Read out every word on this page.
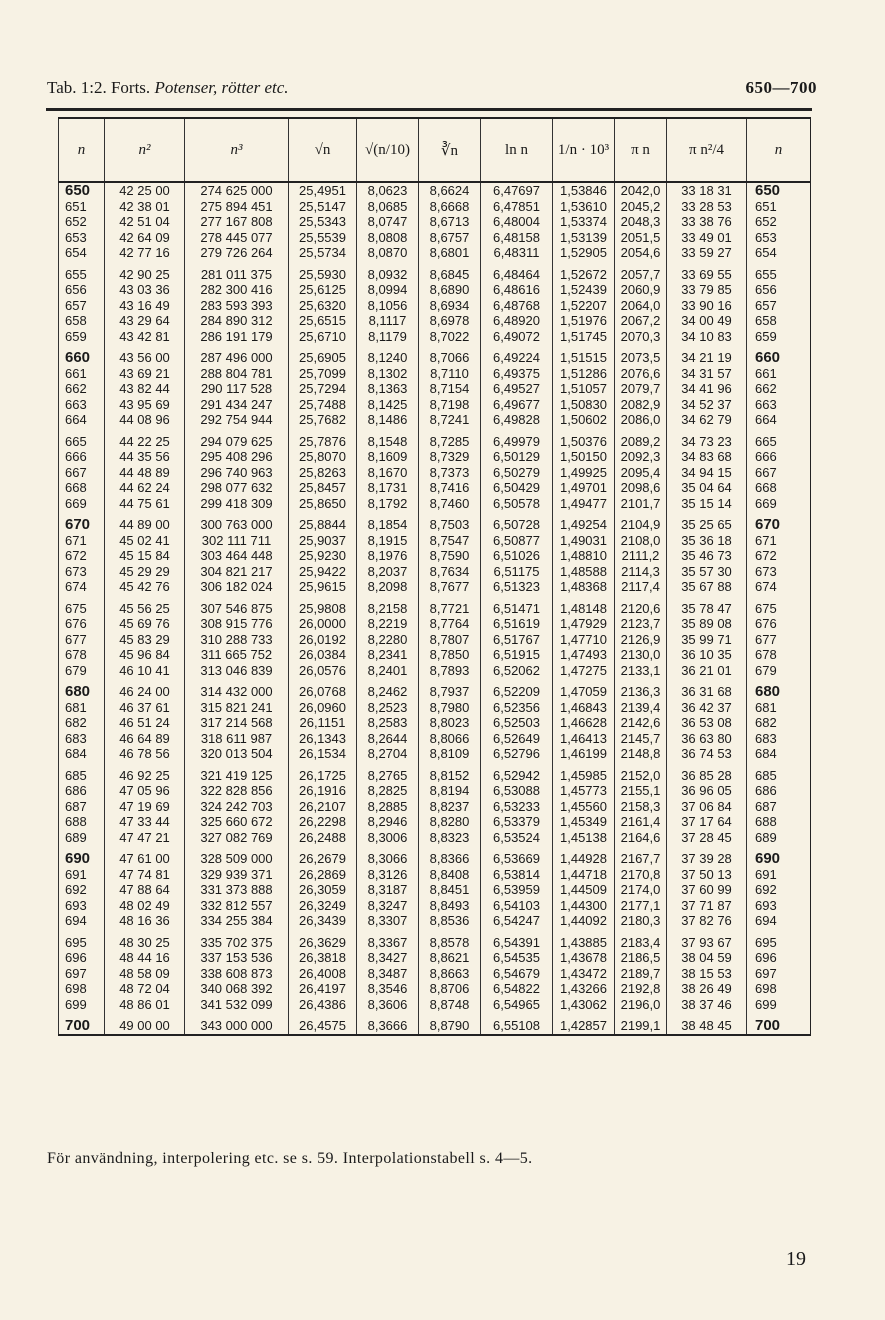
Tab. 1:2. Forts. Potenser, rötter etc.	650—700
n	n²	n³	√n	√(n/10)	∛n	ln n	1/n · 10³	π n	π n²/4	n
650	42 25 00	274 625 000	25,4951	8,0623	8,6624	6,47697	1,53846	2042,0	33 18 31	650
651	42 38 01	275 894 451	25,5147	8,0685	8,6668	6,47851	1,53610	2045,2	33 28 53	651
652	42 51 04	277 167 808	25,5343	8,0747	8,6713	6,48004	1,53374	2048,3	33 38 76	652
653	42 64 09	278 445 077	25,5539	8,0808	8,6757	6,48158	1,53139	2051,5	33 49 01	653
654	42 77 16	279 726 264	25,5734	8,0870	8,6801	6,48311	1,52905	2054,6	33 59 27	654
655	42 90 25	281 011 375	25,5930	8,0932	8,6845	6,48464	1,52672	2057,7	33 69 55	655
656	43 03 36	282 300 416	25,6125	8,0994	8,6890	6,48616	1,52439	2060,9	33 79 85	656
657	43 16 49	283 593 393	25,6320	8,1056	8,6934	6,48768	1,52207	2064,0	33 90 16	657
658	43 29 64	284 890 312	25,6515	8,1117	8,6978	6,48920	1,51976	2067,2	34 00 49	658
659	43 42 81	286 191 179	25,6710	8,1179	8,7022	6,49072	1,51745	2070,3	34 10 83	659
660	43 56 00	287 496 000	25,6905	8,1240	8,7066	6,49224	1,51515	2073,5	34 21 19	660
661	43 69 21	288 804 781	25,7099	8,1302	8,7110	6,49375	1,51286	2076,6	34 31 57	661
662	43 82 44	290 117 528	25,7294	8,1363	8,7154	6,49527	1,51057	2079,7	34 41 96	662
663	43 95 69	291 434 247	25,7488	8,1425	8,7198	6,49677	1,50830	2082,9	34 52 37	663
664	44 08 96	292 754 944	25,7682	8,1486	8,7241	6,49828	1,50602	2086,0	34 62 79	664
665	44 22 25	294 079 625	25,7876	8,1548	8,7285	6,49979	1,50376	2089,2	34 73 23	665
666	44 35 56	295 408 296	25,8070	8,1609	8,7329	6,50129	1,50150	2092,3	34 83 68	666
667	44 48 89	296 740 963	25,8263	8,1670	8,7373	6,50279	1,49925	2095,4	34 94 15	667
668	44 62 24	298 077 632	25,8457	8,1731	8,7416	6,50429	1,49701	2098,6	35 04 64	668
669	44 75 61	299 418 309	25,8650	8,1792	8,7460	6,50578	1,49477	2101,7	35 15 14	669
670	44 89 00	300 763 000	25,8844	8,1854	8,7503	6,50728	1,49254	2104,9	35 25 65	670
671	45 02 41	302 111 711	25,9037	8,1915	8,7547	6,50877	1,49031	2108,0	35 36 18	671
672	45 15 84	303 464 448	25,9230	8,1976	8,7590	6,51026	1,48810	2111,2	35 46 73	672
673	45 29 29	304 821 217	25,9422	8,2037	8,7634	6,51175	1,48588	2114,3	35 57 30	673
674	45 42 76	306 182 024	25,9615	8,2098	8,7677	6,51323	1,48368	2117,4	35 67 88	674
675	45 56 25	307 546 875	25,9808	8,2158	8,7721	6,51471	1,48148	2120,6	35 78 47	675
676	45 69 76	308 915 776	26,0000	8,2219	8,7764	6,51619	1,47929	2123,7	35 89 08	676
677	45 83 29	310 288 733	26,0192	8,2280	8,7807	6,51767	1,47710	2126,9	35 99 71	677
678	45 96 84	311 665 752	26,0384	8,2341	8,7850	6,51915	1,47493	2130,0	36 10 35	678
679	46 10 41	313 046 839	26,0576	8,2401	8,7893	6,52062	1,47275	2133,1	36 21 01	679
680	46 24 00	314 432 000	26,0768	8,2462	8,7937	6,52209	1,47059	2136,3	36 31 68	680
681	46 37 61	315 821 241	26,0960	8,2523	8,7980	6,52356	1,46843	2139,4	36 42 37	681
682	46 51 24	317 214 568	26,1151	8,2583	8,8023	6,52503	1,46628	2142,6	36 53 08	682
683	46 64 89	318 611 987	26,1343	8,2644	8,8066	6,52649	1,46413	2145,7	36 63 80	683
684	46 78 56	320 013 504	26,1534	8,2704	8,8109	6,52796	1,46199	2148,8	36 74 53	684
685	46 92 25	321 419 125	26,1725	8,2765	8,8152	6,52942	1,45985	2152,0	36 85 28	685
686	47 05 96	322 828 856	26,1916	8,2825	8,8194	6,53088	1,45773	2155,1	36 96 05	686
687	47 19 69	324 242 703	26,2107	8,2885	8,8237	6,53233	1,45560	2158,3	37 06 84	687
688	47 33 44	325 660 672	26,2298	8,2946	8,8280	6,53379	1,45349	2161,4	37 17 64	688
689	47 47 21	327 082 769	26,2488	8,3006	8,8323	6,53524	1,45138	2164,6	37 28 45	689
690	47 61 00	328 509 000	26,2679	8,3066	8,8366	6,53669	1,44928	2167,7	37 39 28	690
691	47 74 81	329 939 371	26,2869	8,3126	8,8408	6,53814	1,44718	2170,8	37 50 13	691
692	47 88 64	331 373 888	26,3059	8,3187	8,8451	6,53959	1,44509	2174,0	37 60 99	692
693	48 02 49	332 812 557	26,3249	8,3247	8,8493	6,54103	1,44300	2177,1	37 71 87	693
694	48 16 36	334 255 384	26,3439	8,3307	8,8536	6,54247	1,44092	2180,3	37 82 76	694
695	48 30 25	335 702 375	26,3629	8,3367	8,8578	6,54391	1,43885	2183,4	37 93 67	695
696	48 44 16	337 153 536	26,3818	8,3427	8,8621	6,54535	1,43678	2186,5	38 04 59	696
697	48 58 09	338 608 873	26,4008	8,3487	8,8663	6,54679	1,43472	2189,7	38 15 53	697
698	48 72 04	340 068 392	26,4197	8,3546	8,8706	6,54822	1,43266	2192,8	38 26 49	698
699	48 86 01	341 532 099	26,4386	8,3606	8,8748	6,54965	1,43062	2196,0	38 37 46	699
700	49 00 00	343 000 000	26,4575	8,3666	8,8790	6,55108	1,42857	2199,1	38 48 45	700
För användning, interpolering etc. se s. 59. Interpolationstabell s. 4—5.
19
